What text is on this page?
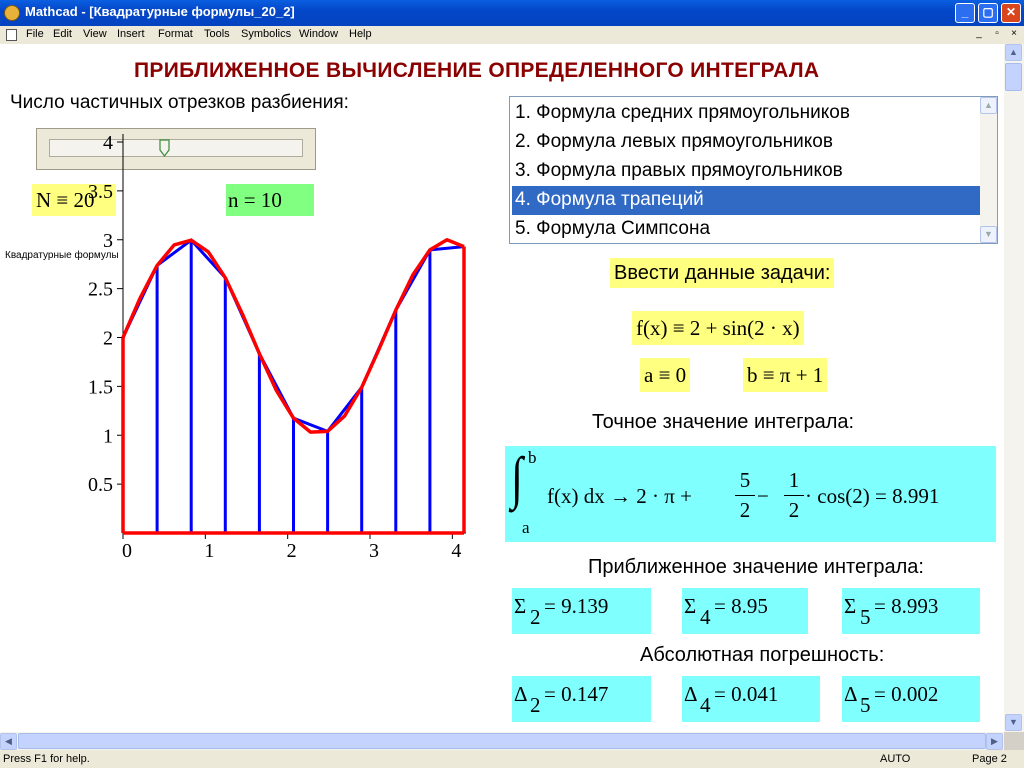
Mathcad - [Квадратурные формулы_20_2]	_	▢	✕
File Edit View Insert Format Tools Symbolics Window Help	_	▫	×
ПРИБЛИЖЕННОЕ ВЫЧИСЛЕНИЕ ОПРЕДЕЛЕННОГО ИНТЕГРАЛА
Число частичных отрезков разбиения:
N ≡ 20	n = 10
Квадратурные формулы
0.5
1
1.5
2
2.5
3
3.5
4
0	1	2	3	4
1. Формула средних прямоугольников
2. Формула левых прямоугольников
3. Формула правых прямоугольников
4. Формула трапеций
5. Формула Симпсона
▲
▼
Ввести данные задачи:
f(x) ≡ 2 + sin(2 · x)
a ≡ 0	b ≡ π + 1
Точное значение интеграла:
∫ b
a
f(x) dx → 2 · π +
5
2
−
1
2
· cos(2) = 8.991
Приближенное значение интеграла:
Σ 2 = 9.139	Σ 4 = 8.95	Σ 5 = 8.993
Абсолютная погрешность:
Δ 2 = 0.147	Δ 4 = 0.041	Δ 5 = 0.002
▲
▼
◀	▶
Press F1 for help.	AUTO	Page 2
